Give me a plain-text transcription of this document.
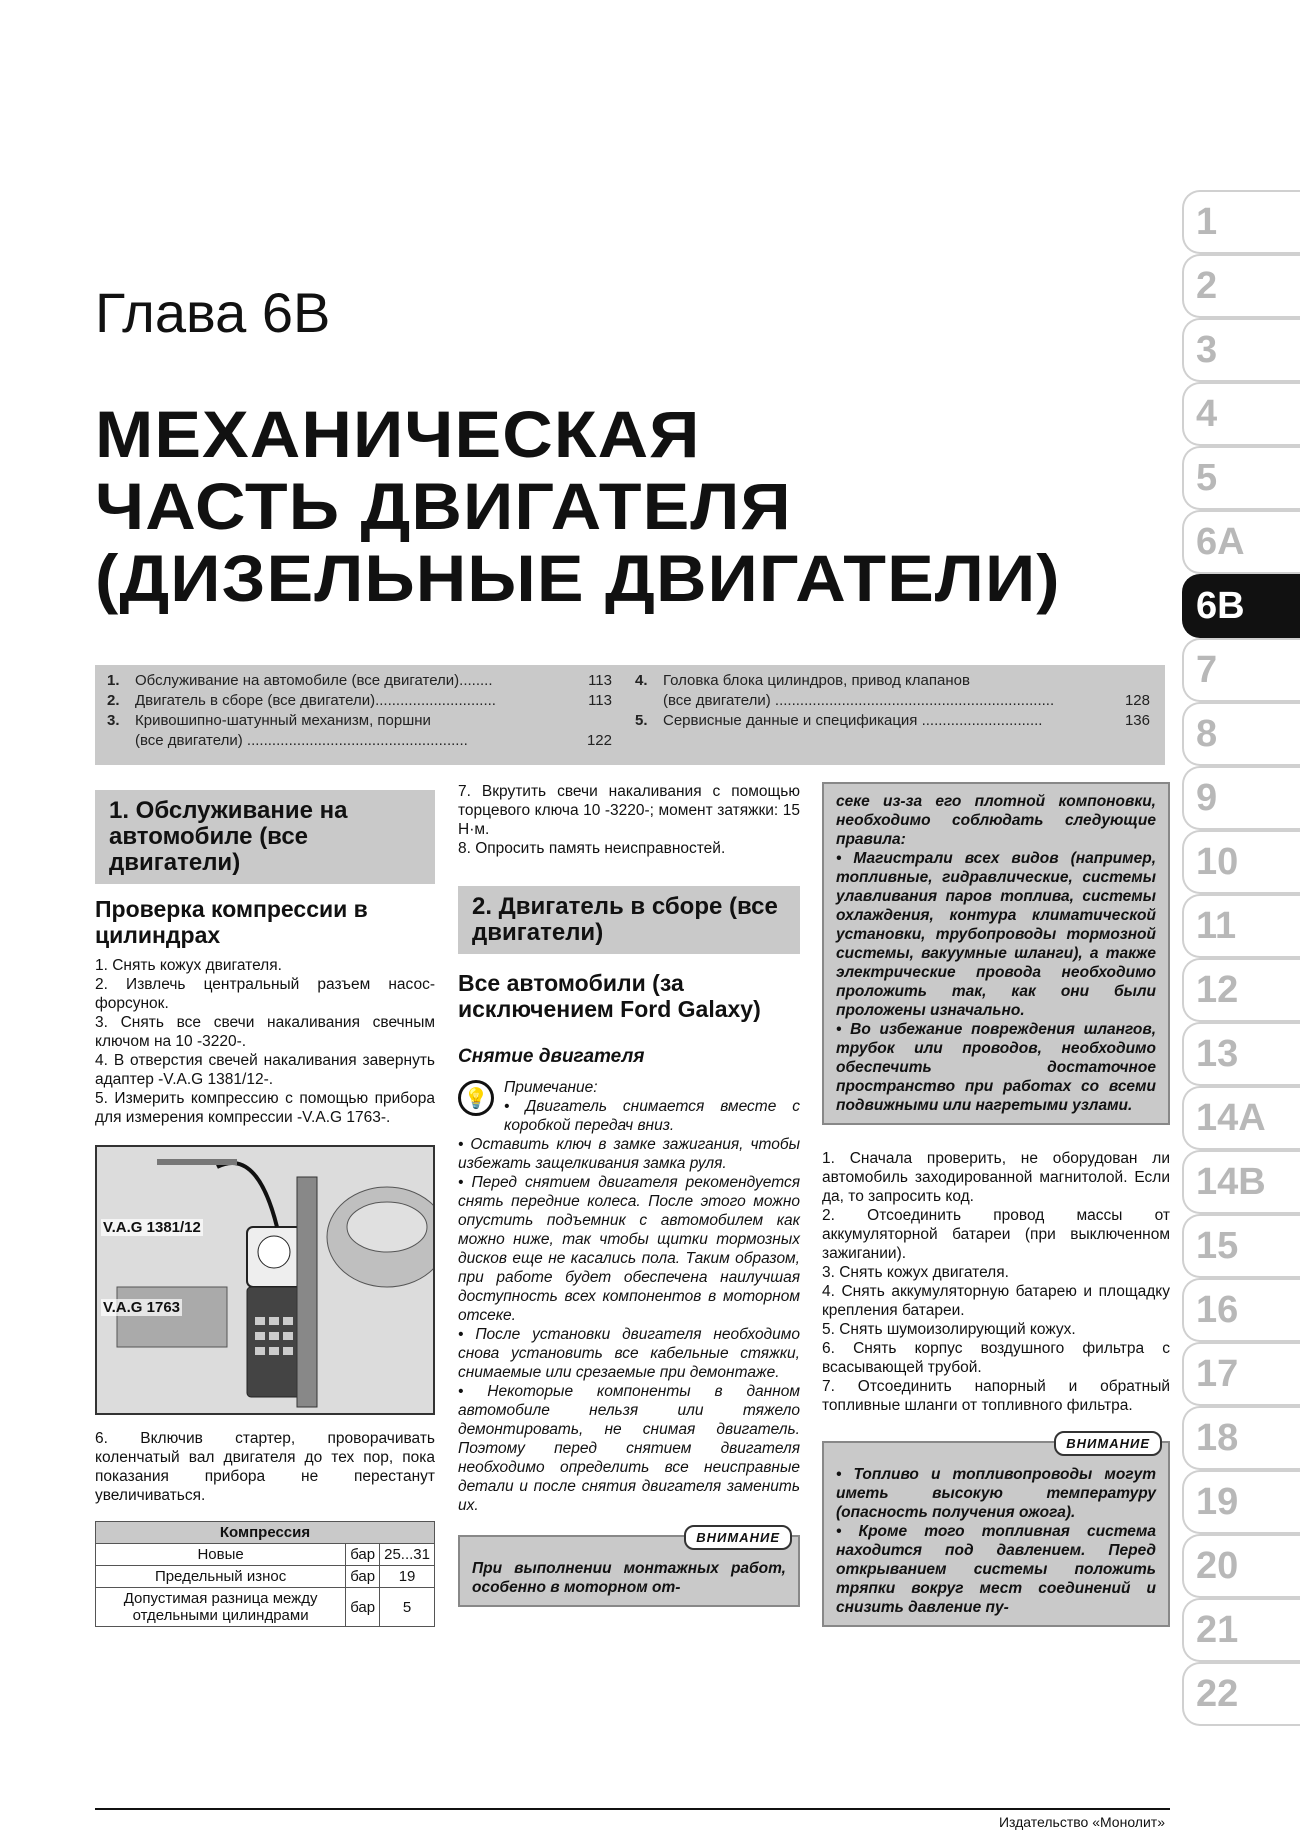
1
2
3
4
5
6A
6B
7
8
9
10
11
12
13
14A
14B
15
16
17
18
19
20
21
22
Глава 6В
МЕХАНИЧЕСКАЯ
ЧАСТЬ ДВИГАТЕЛЯ
(ДИЗЕЛЬНЫЕ ДВИГАТЕЛИ)
1.	Обслуживание на автомобиле (все двигатели)........	113
2.	Двигатель в сборе (все двигатели).............................	113
3.	Кривошипно-шатунный механизм, поршни
(все двигатели) .....................................................	122
4.	Головка блока цилиндров, привод клапанов
(все двигатели) ...................................................................	128
5.	Сервисные данные и спецификация .............................	136
1. Обслуживание на автомобиле (все двигатели)
Проверка компрессии в цилиндрах
1. Снять кожух двигателя.
2. Извлечь центральный разъем насос-форсунок.
3. Снять все свечи накаливания свечным ключом на 10 -3220-.
4. В отверстия свечей накаливания завернуть адаптер -V.A.G 1381/12-.
5. Измерить компрессию с помощью прибора для измерения компрессии -V.A.G 1763-.
V.A.G 1381/12
V.A.G 1763
6. Включив стартер, проворачивать коленчатый вал двигателя до тех пор, пока показания прибора не перестанут увеличиваться.
Компрессия		
Новые	бар	25...31
Предельный износ	бар	19
Допустимая разница между отдельными цилиндрами	бар	5
7. Вкрутить свечи накаливания с помощью торцевого ключа 10 -3220-; момент затяжки: 15 Н·м.
8. Опросить память неисправностей.
2. Двигатель в сборе (все двигатели)
Все автомобили (за исключением Ford Galaxy)
Снятие двигателя
💡	Примечание:
• Двигатель снимается вместе с коробкой передач вниз.
• Оставить ключ в замке зажигания, чтобы избежать защелкивания замка руля.
• Перед снятием двигателя рекомендуется снять передние колеса. После этого можно опустить подъемник с автомобилем как можно ниже, так чтобы щитки тормозных дисков еще не касались пола. Таким образом, при работе будет обеспечена наилучшая доступность всех компонентов в моторном отсеке.
• После установки двигателя необходимо снова установить все кабельные стяжки, снимаемые или срезаемые при демонтаже.
• Некоторые компоненты в данном автомобиле нельзя или тяжело демонтировать, не снимая двигатель. Поэтому перед снятием двигателя необходимо определить все неисправные детали и после снятия двигателя заменить их.
ВНИМАНИЕ
При выполнении монтажных работ, особенно в моторном от-
секе из-за его плотной компоновки, необходимо соблюдать следующие правила:
• Магистрали всех видов (например, топливные, гидравлические, системы улавливания паров топлива, системы охлаждения, контура климатической установки, трубопроводы тормозной системы, вакуумные шланги), а также электрические провода необходимо проложить так, как они были проложены изначально.
• Во избежание повреждения шлангов, трубок или проводов, необходимо обеспечить достаточное пространство при работах со всеми подвижными или нагретыми узлами.
1. Сначала проверить, не оборудован ли автомобиль заходированной магнитолой. Если да, то запросить код.
2. Отсоединить провод массы от аккумуляторной батареи (при выключенном зажигании).
3. Снять кожух двигателя.
4. Снять аккумуляторную батарею и площадку крепления батареи.
5. Снять шумоизолирующий кожух.
6. Снять корпус воздушного фильтра с всасывающей трубой.
7. Отсоединить напорный и обратный топливные шланги от топливного фильтра.
ВНИМАНИЕ
• Топливо и топливопроводы могут иметь высокую температуру (опасность получения ожога).
• Кроме того топливная система находится под давлением. Перед открыванием системы положить тряпки вокруг мест соединений и снизить давление пу-
Издательство «Монолит»
